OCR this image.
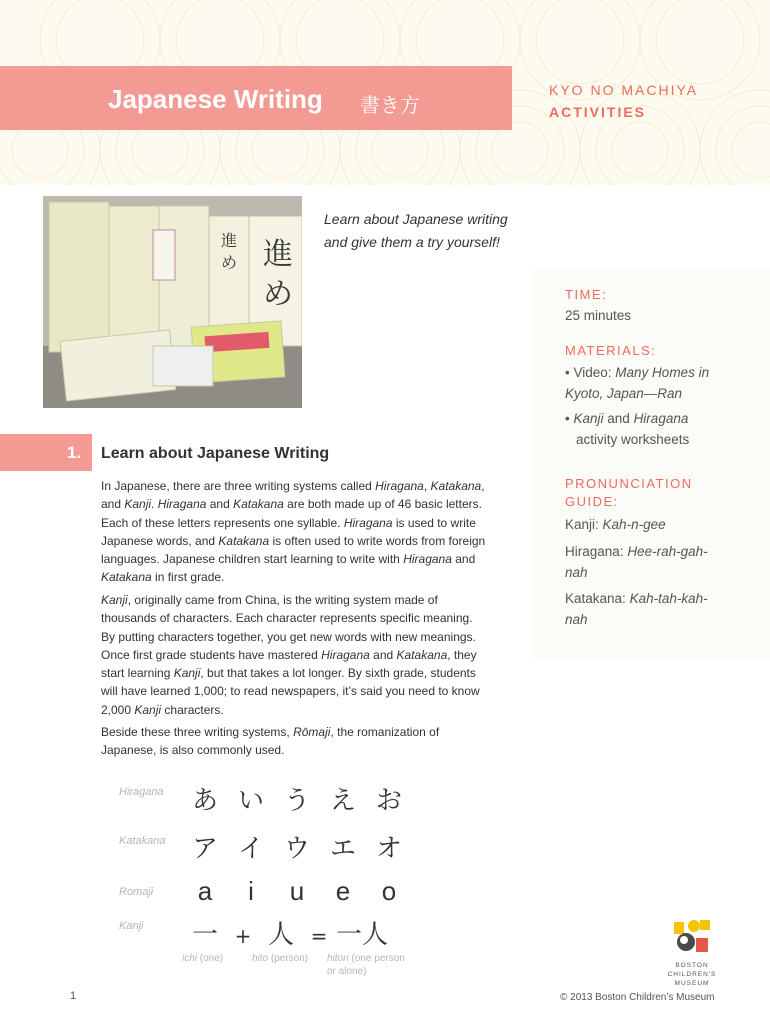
Japanese Writing 書き方
KYO NO MACHIYA
ACTIVITIES
進
め
進
め
Learn about Japanese writing and give them a try yourself!
TIME:
25 minutes
MATERIALS:
• Video: Many Homes in Kyoto, Japan—Ran
• Kanji and Hiragana
activity worksheets
PRONUNCIATION
GUIDE:
Kanji: Kah-n-gee
Hiragana: Hee-rah-gah-nah
Katakana: Kah-tah-kah-nah
1. Learn about Japanese Writing
In Japanese, there are three writing systems called Hiragana, Katakana, and Kanji. Hiragana and Katakana are both made up of 46 basic letters. Each of these letters represents one syllable. Hiragana is used to write Japanese words, and Katakana is often used to write words from foreign languages. Japanese children start learning to write with Hiragana and Katakana in first grade.
Kanji, originally came from China, is the writing system made of thousands of characters. Each character represents specific meaning. By putting characters together, you get new words with new meanings. Once first grade students have mastered Hiragana and Katakana, they start learning Kanji, but that takes a lot longer. By sixth grade, students will have learned 1,000; to read newspapers, it’s said you need to know 2,000 Kanji characters.
Beside these three writing systems, Rōmaji, the romanization of Japanese, is also commonly used.
Hiragana	あ い う え お
Katakana	ア イ ウ エ オ
Romaji	a i u e o
Kanji	一 + 人 = 一人
ichi (one)	hito (person) hitori (one person or alone)
BOSTON
CHILDREN'S
MUSEUM
1	© 2013 Boston Children’s Museum
